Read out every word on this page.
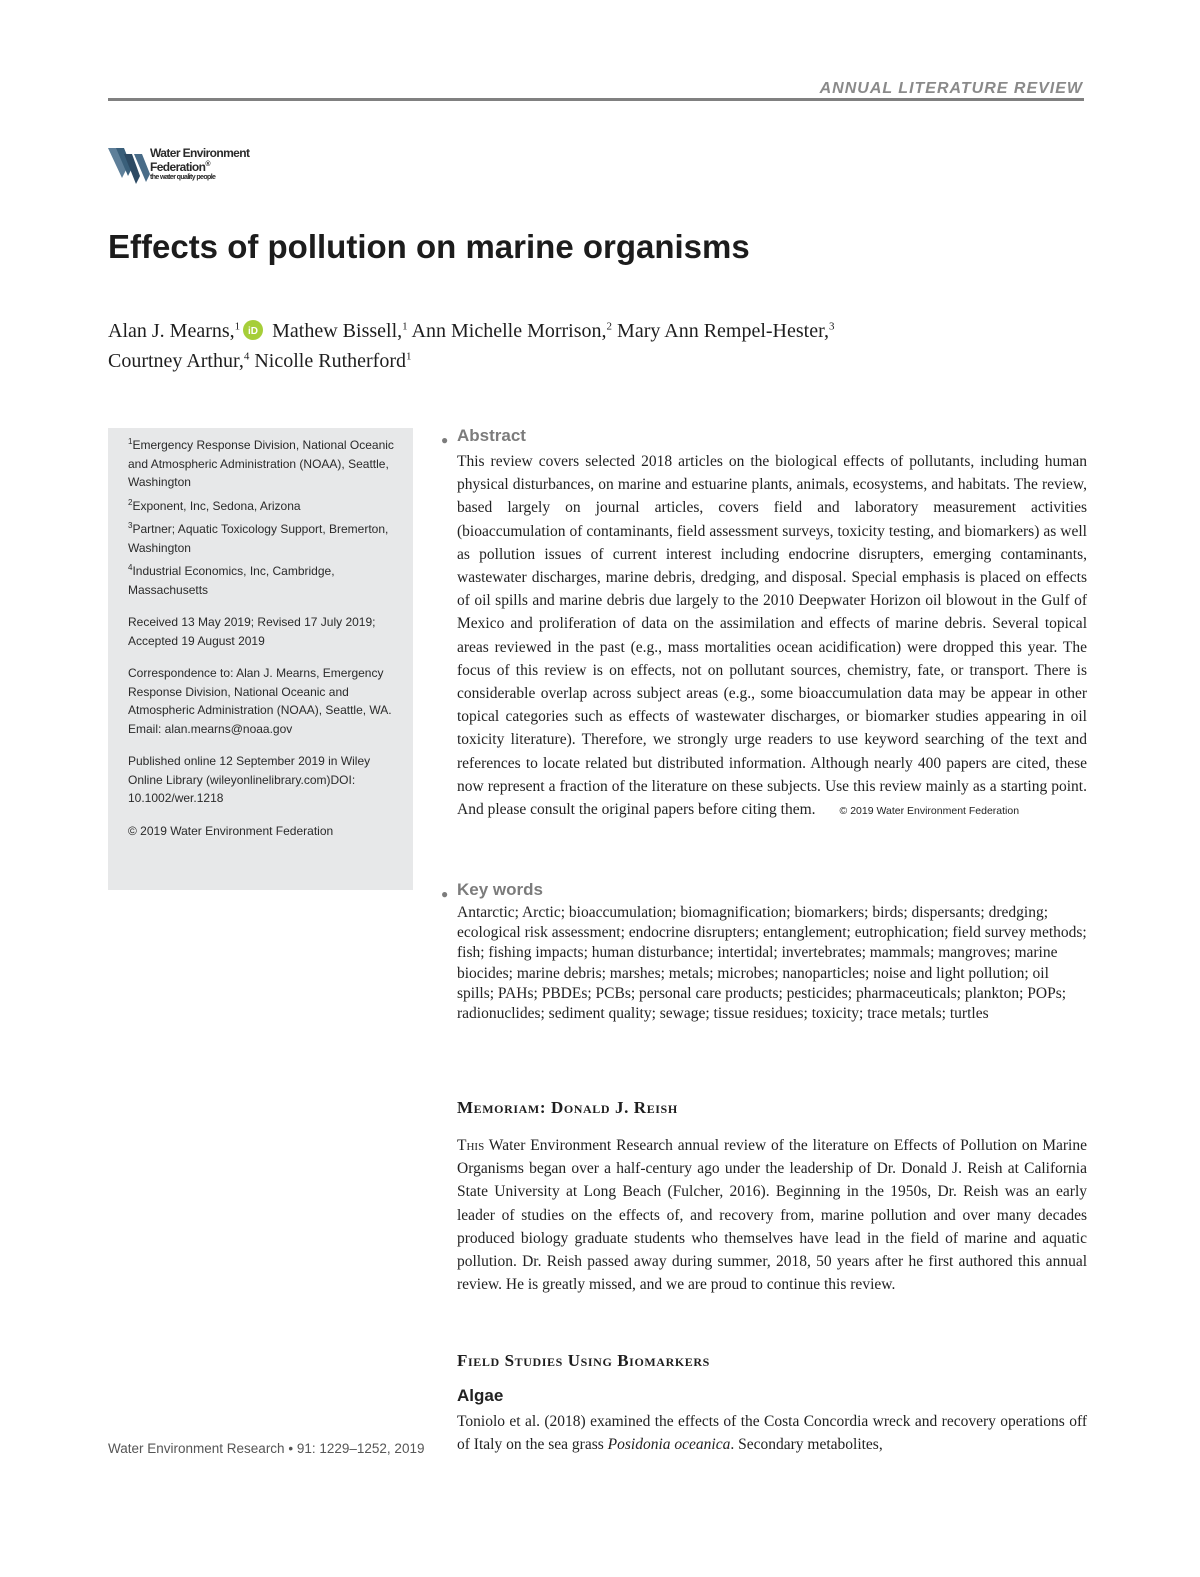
ANNUAL LITERATURE REVIEW
Water Environment
Federation®
the water quality people
Effects of pollution on marine organisms
Alan J. Mearns,$^1$ iD Mathew Bissell,$^1$ Ann Michelle Morrison,$^2$ Mary Ann Rempel-Hester,$^3$
Courtney Arthur,$^4$ Nicolle Rutherford$^1$

$^1$Emergency Response Division, National Oceanic and Atmospheric Administration (NOAA), Seattle, Washington

$^2$Exponent, Inc, Sedona, Arizona

$^3$Partner; Aquatic Toxicology Support, Bremerton, Washington

$^4$Industrial Economics, Inc, Cambridge, Massachusetts

Received 13 May 2019; Revised 17 July 2019; Accepted 19 August 2019

Correspondence to: Alan J. Mearns, Emergency Response Division, National Oceanic and Atmospheric Administration (NOAA), Seattle, WA.

Email: alan.mearns@noaa.gov

Published online 12 September 2019 in Wiley Online Library (wileyonlinelibrary.com)DOI: 10.1002/wer.1218

© 2019 Water Environment Federation

● Abstract

This review covers selected 2018 articles on the biological effects of pollutants, including human physical disturbances, on marine and estuarine plants, animals, ecosystems, and habitats. The review, based largely on journal articles, covers field and laboratory measurement activities (bioaccumulation of contaminants, field assessment surveys, toxicity testing, and biomarkers) as well as pollution issues of current interest including endocrine disrupters, emerging contaminants, wastewater discharges, marine debris, dredging, and disposal. Special emphasis is placed on effects of oil spills and marine debris due largely to the 2010 Deepwater Horizon oil blowout in the Gulf of Mexico and proliferation of data on the assimilation and effects of marine debris. Several topical areas reviewed in the past (e.g., mass mortalities ocean acidification) were dropped this year. The focus of this review is on effects, not on pollutant sources, chemistry, fate, or transport. There is considerable overlap across subject areas (e.g., some bioaccumulation data may be appear in other topical categories such as effects of wastewater discharges, or biomarker studies appearing in oil toxicity literature). Therefore, we strongly urge readers to use keyword searching of the text and references to locate related but distributed information. Although nearly 400 papers are cited, these now represent a fraction of the literature on these subjects. Use this review mainly as a starting point. And please consult the original papers before citing them. © 2019 Water Environment Federation

● Key words
Antarctic; Arctic; bioaccumulation; biomagnification; biomarkers; birds; dispersants; dredging; ecological risk assessment; endocrine disrupters; entanglement; eutrophication; field survey methods; fish; fishing impacts; human disturbance; intertidal; invertebrates; mammals; mangroves; marine biocides; marine debris; marshes; metals; microbes; nanoparticles; noise and light pollution; oil spills; PAHs; PBDEs; PCBs; personal care products; pesticides; pharmaceuticals; plankton; POPs; radionuclides; sediment quality; sewage; tissue residues; toxicity; trace metals; turtles
Memoriam: Donald J. Reish

This Water Environment Research annual review of the literature on Effects of Pollution on Marine Organisms began over a half-century ago under the leadership of Dr. Donald J. Reish at California State University at Long Beach (Fulcher, 2016). Beginning in the 1950s, Dr. Reish was an early leader of studies on the effects of, and recovery from, marine pollution and over many decades produced biology graduate students who themselves have lead in the field of marine and aquatic pollution. Dr. Reish passed away during summer, 2018, 50 years after he first authored this annual review. He is greatly missed, and we are proud to continue this review.

Field Studies Using Biomarkers
Algae

Toniolo et al. (2018) examined the effects of the Costa Concordia wreck and recovery operations off of Italy on the sea grass Posidonia oceanica. Secondary metabolites,

Water Environment Research • 91: 1229–1252, 2019
